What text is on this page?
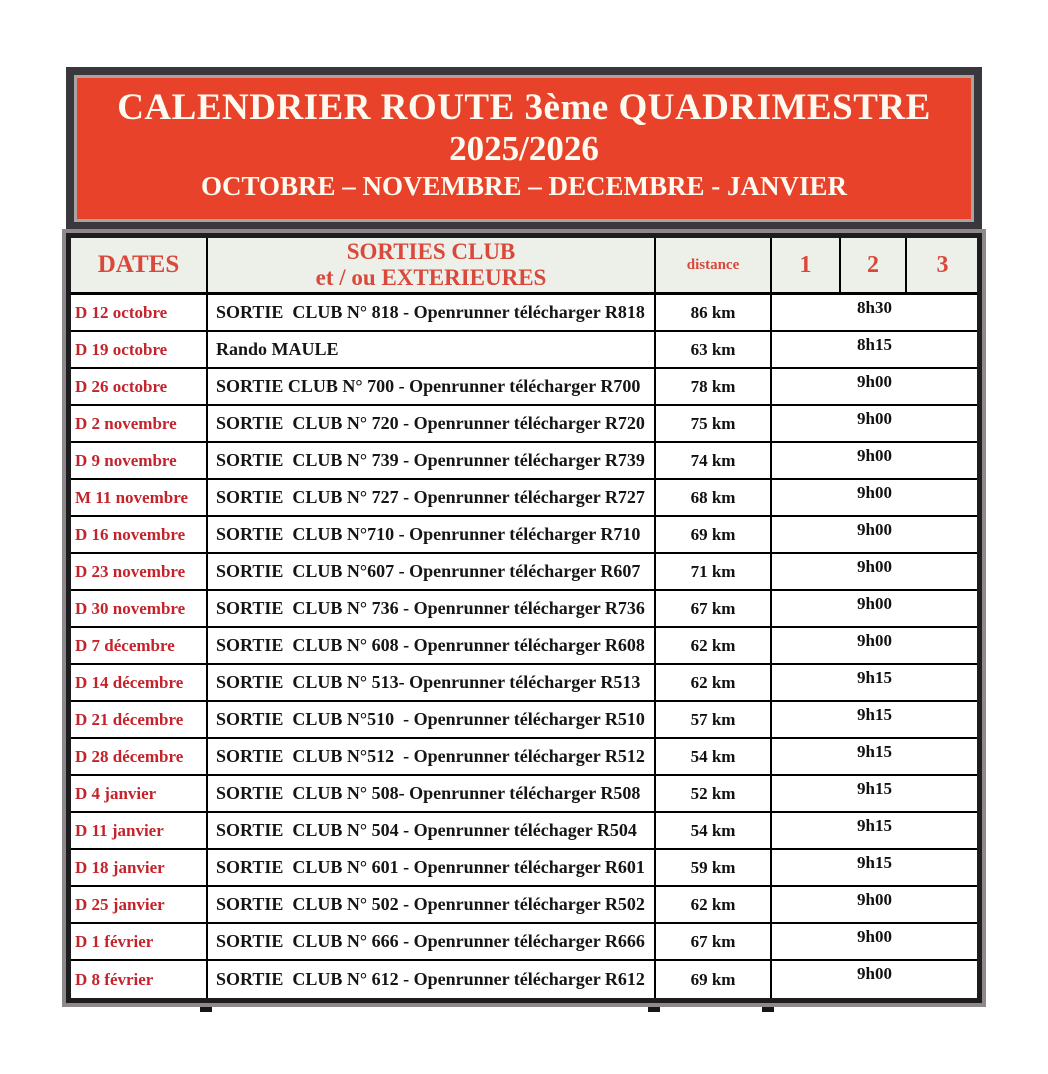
CALENDRIER ROUTE 3ème QUADRIMESTRE
2025/2026
OCTOBRE – NOVEMBRE – DECEMBRE - JANVIER
DATES	SORTIES CLUB
et / ou EXTERIEURES
distance	1 2 3
D 12 octobre	SORTIE  CLUB N° 818 - Openrunner télécharger R818	86 km	8h30
D 19 octobre	Rando MAULE	63 km	8h15
D 26 octobre	SORTIE CLUB N° 700 - Openrunner télécharger R700	78 km	9h00
D 2 novembre	SORTIE  CLUB N° 720 - Openrunner télécharger R720	75 km	9h00
D 9 novembre	SORTIE  CLUB N° 739 - Openrunner télécharger R739	74 km	9h00
M 11 novembre	SORTIE  CLUB N° 727 - Openrunner télécharger R727	68 km	9h00
D 16 novembre	SORTIE  CLUB N°710 - Openrunner télécharger R710	69 km	9h00
D 23 novembre	SORTIE  CLUB N°607 - Openrunner télécharger R607	71 km	9h00
D 30 novembre	SORTIE  CLUB N° 736 - Openrunner télécharger R736	67 km	9h00
D 7 décembre	SORTIE  CLUB N° 608 - Openrunner télécharger R608	62 km	9h00
D 14 décembre	SORTIE  CLUB N° 513- Openrunner télécharger R513	62 km	9h15
D 21 décembre	SORTIE  CLUB N°510  - Openrunner télécharger R510	57 km	9h15
D 28 décembre	SORTIE  CLUB N°512  - Openrunner télécharger R512	54 km	9h15
D 4 janvier	SORTIE  CLUB N° 508- Openrunner télécharger R508	52 km	9h15
D 11 janvier	SORTIE  CLUB N° 504 - Openrunner téléchager R504	54 km	9h15
D 18 janvier	SORTIE  CLUB N° 601 - Openrunner télécharger R601	59 km	9h15
D 25 janvier	SORTIE  CLUB N° 502 - Openrunner télécharger R502	62 km	9h00
D 1 février	SORTIE  CLUB N° 666 - Openrunner télécharger R666	67 km	9h00
D 8 février	SORTIE  CLUB N° 612 - Openrunner télécharger R612	69 km	9h00
